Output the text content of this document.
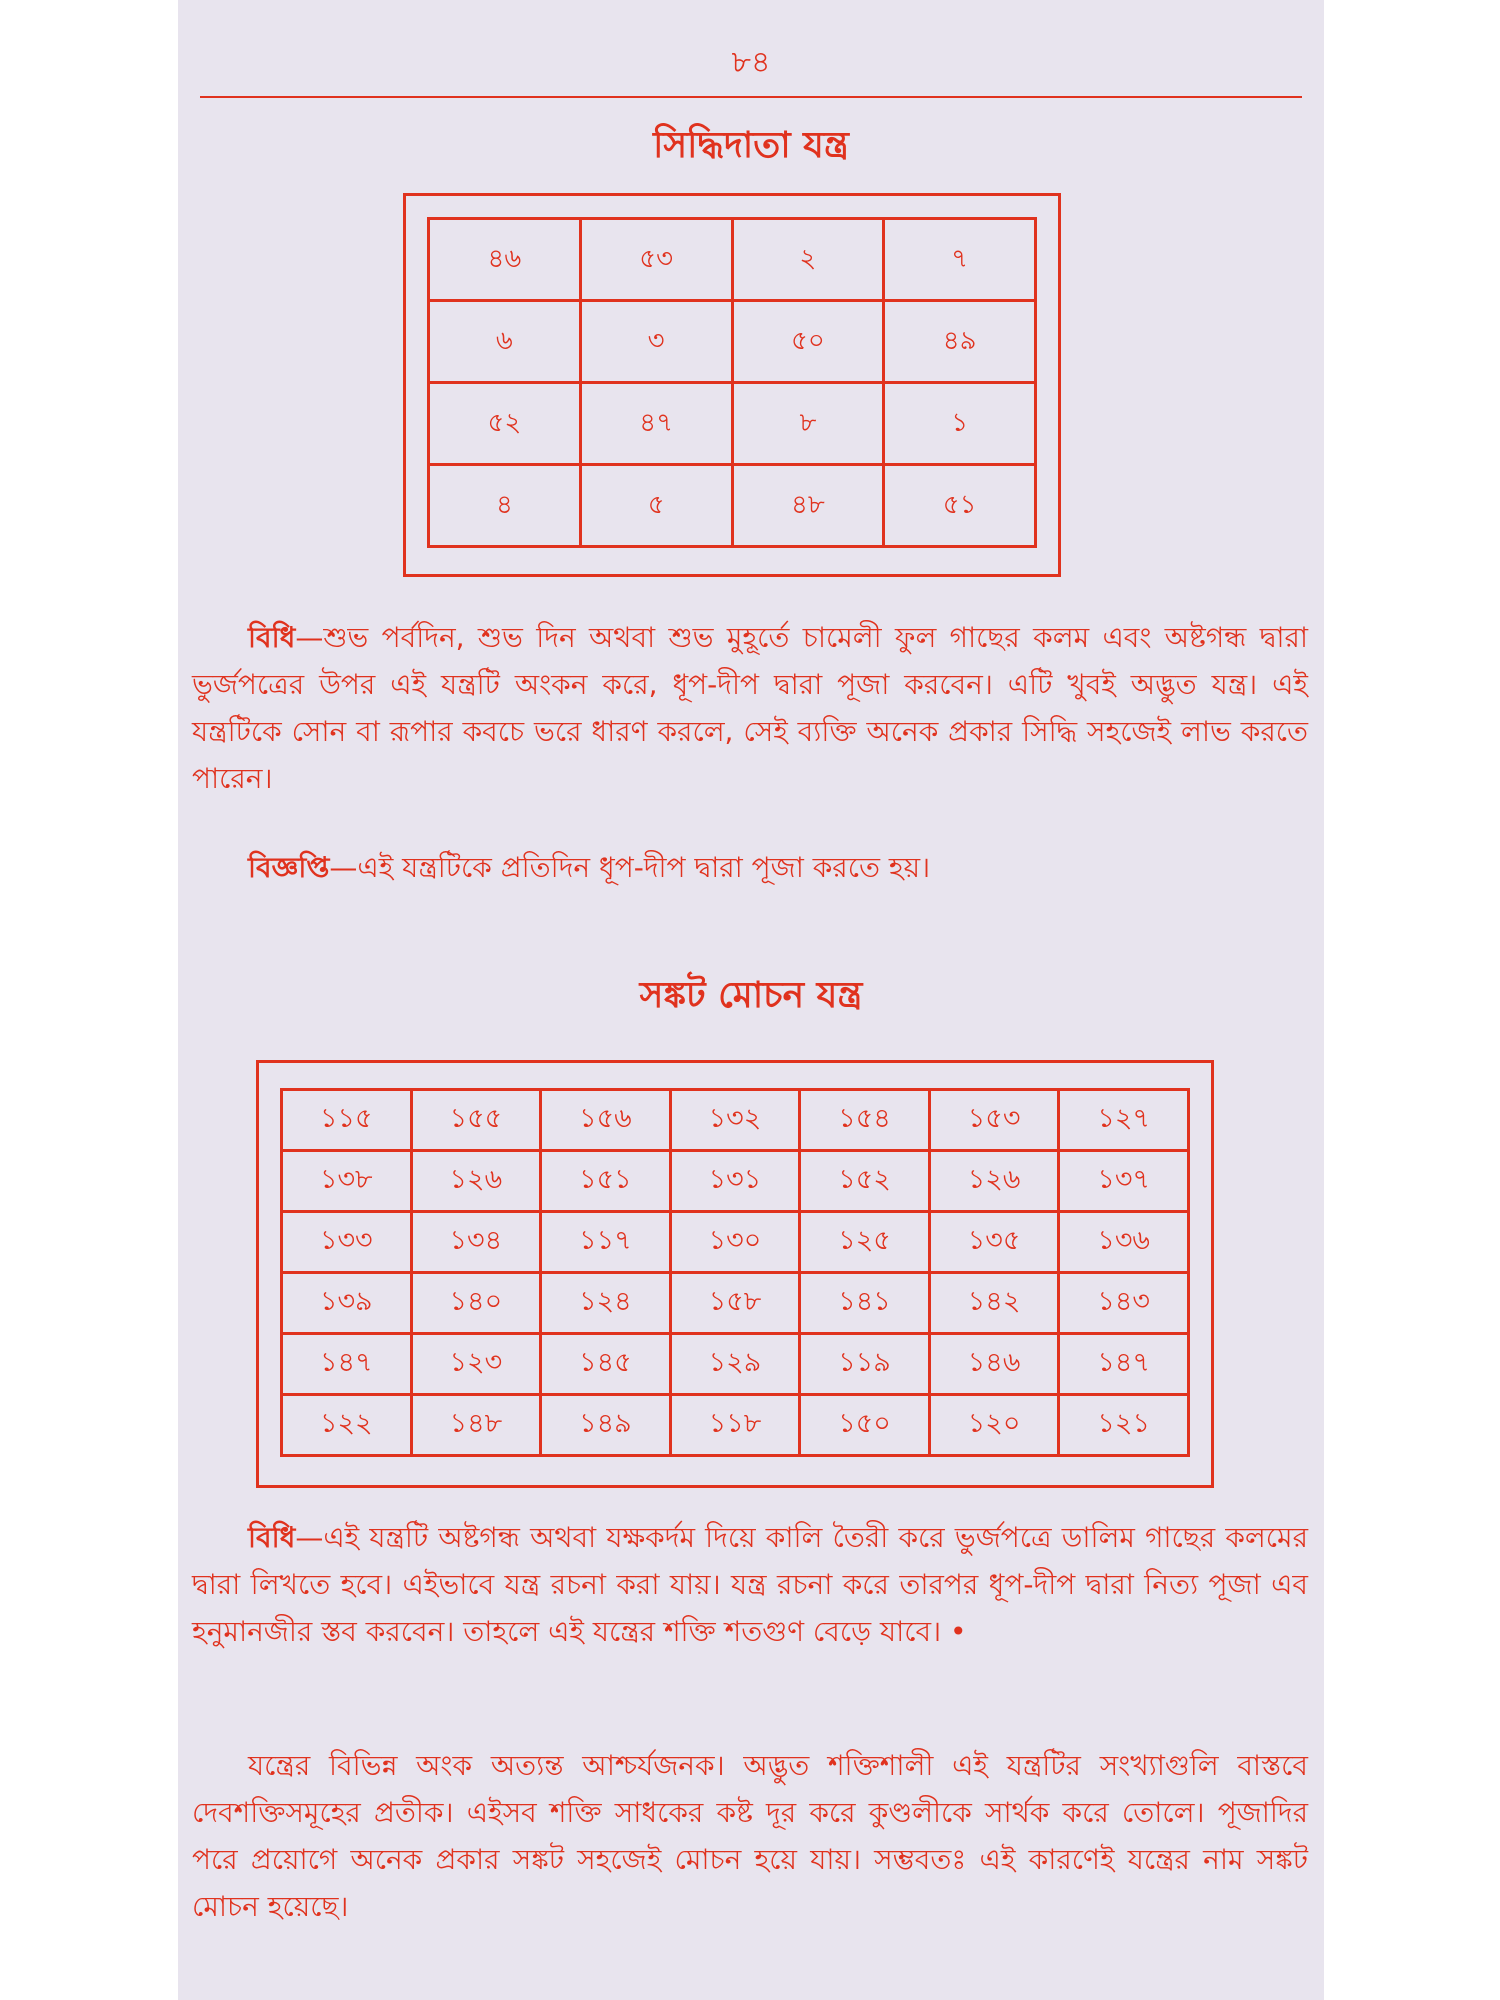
৮৪
সিদ্ধিদাতা যন্ত্র
৪৬	৫৩	২	৭
৬	৩	৫০	৪৯
৫২	৪৭	৮	১
৪	৫	৪৮	৫১

বিধি—শুভ পর্বদিন, শুভ দিন অথবা শুভ মুহূর্তে চামেলী ফুল গাছের কলম এবং অষ্টগন্ধ দ্বারা ভুর্জপত্রের উপর এই যন্ত্রটি অংকন করে, ধূপ-দীপ দ্বারা পূজা করবেন। এটি খুবই অদ্ভুত যন্ত্র। এই যন্ত্রটিকে সোন বা রূপার কবচে ভরে ধারণ করলে, সেই ব্যক্তি অনেক প্রকার সিদ্ধি সহজেই লাভ করতে পারেন।

বিজ্ঞপ্তি—এই যন্ত্রটিকে প্রতিদিন ধূপ-দীপ দ্বারা পূজা করতে হয়।

সঙ্কট মোচন যন্ত্র
১১৫	১৫৫	১৫৬	১৩২	১৫৪	১৫৩	১২৭
১৩৮	১২৬	১৫১	১৩১	১৫২	১২৬	১৩৭
১৩৩	১৩৪	১১৭	১৩০	১২৫	১৩৫	১৩৬
১৩৯	১৪০	১২৪	১৫৮	১৪১	১৪২	১৪৩
১৪৭	১২৩	১৪৫	১২৯	১১৯	১৪৬	১৪৭
১২২	১৪৮	১৪৯	১১৮	১৫০	১২০	১২১

বিধি—এই যন্ত্রটি অষ্টগন্ধ অথবা যক্ষকর্দম দিয়ে কালি তৈরী করে ভুর্জপত্রে ডালিম গাছের কলমের দ্বারা লিখতে হবে। এইভাবে যন্ত্র রচনা করা যায়। যন্ত্র রচনা করে তারপর ধূপ-দীপ দ্বারা নিত্য পূজা এব হনুমানজীর স্তব করবেন। তাহলে এই যন্ত্রের শক্তি শতগুণ বেড়ে যাবে। •

যন্ত্রের বিভিন্ন অংক অত্যন্ত আশ্চর্যজনক। অদ্ভুত শক্তিশালী এই যন্ত্রটির সংখ্যাগুলি বাস্তবে দেবশক্তিসমূহের প্রতীক। এইসব শক্তি সাধকের কষ্ট দূর করে কুণ্ডলীকে সার্থক করে তোলে। পূজাদির পরে প্রয়োগে অনেক প্রকার সঙ্কট সহজেই মোচন হয়ে যায়। সম্ভবতঃ এই কারণেই যন্ত্রের নাম সঙ্কট মোচন হয়েছে।
